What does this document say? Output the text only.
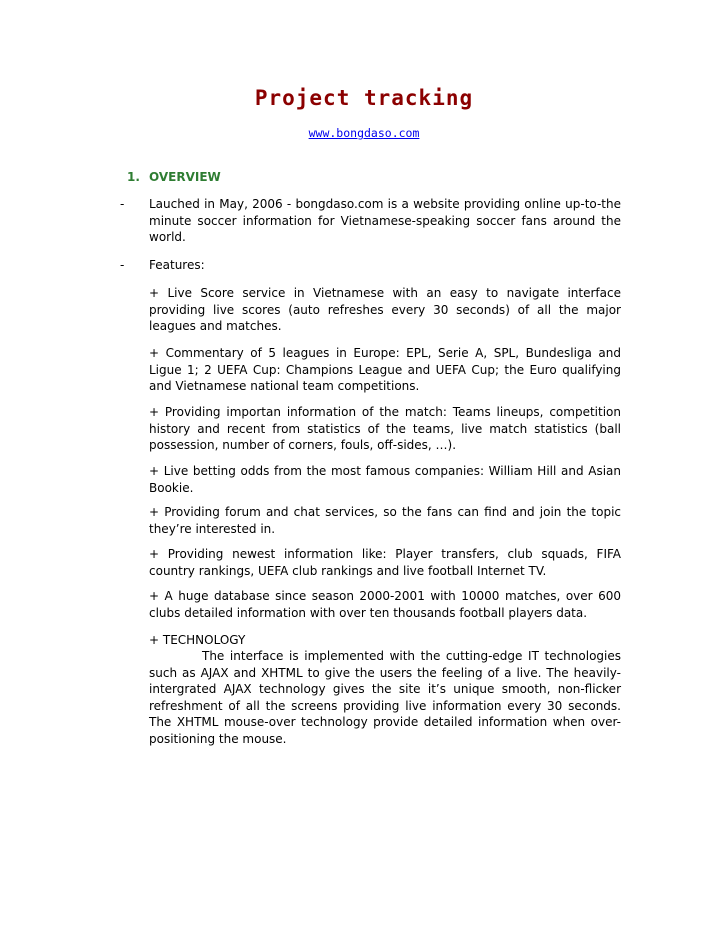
Project tracking
www.bongdaso.com
1. OVERVIEW
- Lauched in May, 2006 - bongdaso.com is a website providing online up-to-the minute soccer information for Vietnamese-speaking soccer fans around the world.
- Features:
+ Live Score service in Vietnamese with an easy to navigate interface providing live scores (auto refreshes every 30 seconds) of all the major leagues and matches.
+ Commentary of 5 leagues in Europe: EPL, Serie A, SPL, Bundesliga and Ligue 1; 2 UEFA Cup: Champions League and UEFA Cup; the Euro qualifying and Vietnamese national team competitions.
+ Providing importan information of the match: Teams lineups, competition history and recent from statistics of the teams, live match statistics (ball possession, number of corners, fouls, off-sides, …).
+ Live betting odds from the most famous companies: William Hill and Asian Bookie.
+ Providing forum and chat services, so the fans can find and join the topic they’re interested in.
+ Providing newest information like: Player transfers, club squads, FIFA country rankings, UEFA club rankings and live football Internet TV.
+ A huge database since season 2000-2001 with 10000 matches, over 600 clubs detailed information with over ten thousands football players data.
+ TECHNOLOGY
The interface is implemented with the cutting-edge IT technologies such as AJAX and XHTML to give the users the feeling of a live. The heavily-intergrated AJAX technology gives the site it’s unique smooth, non-flicker refreshment of all the screens providing live information every 30 seconds. The XHTML mouse-over technology provide detailed information when over-positioning the mouse.
